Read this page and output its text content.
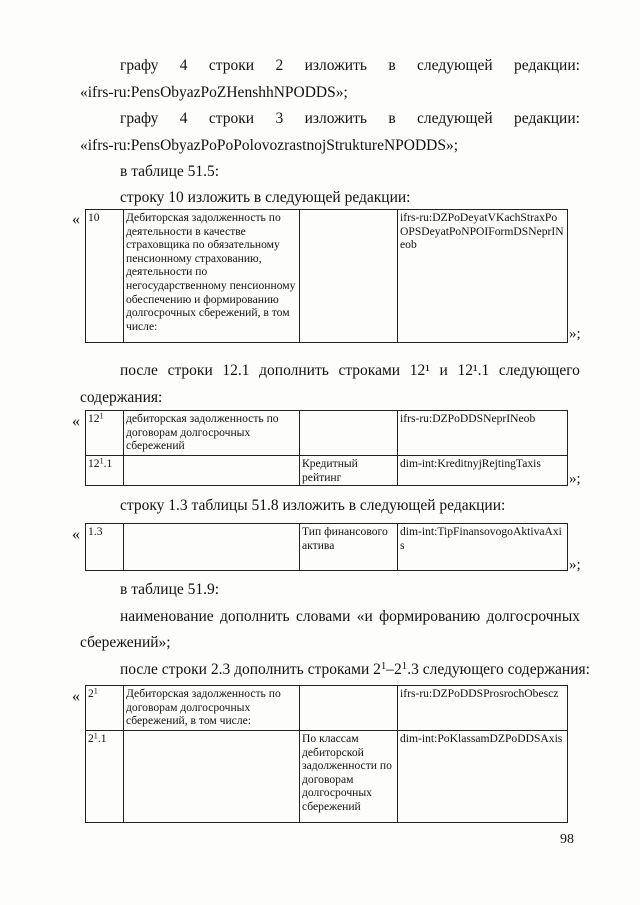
графу 4 строки 2 изложить в следующей редакции:
«ifrs-ru:PensObyazPoZHenshhNPODDS»;
графу 4 строки 3 изложить в следующей редакции:
«ifrs-ru:PensObyazPoPoPolovozrastnojStruktureNPODDS»;
в таблице 51.5:
строку 10 изложить в следующей редакции:
« 10	Дебиторская задолженность по деятельности в качестве страховщика по обязательному пенсионному страхованию, деятельности по негосударственному пенсионному обеспечению и формированию долгосрочных сбережений, в том числе:		ifrs-ru:DZPoDeyatVKachStraxPoOPSDeyatPoNPOIFormDSNeprINeob
»;
после строки 12.1 дополнить строками 12¹ и 12¹.1 следующего
содержания:
« $12^1$	дебиторская задолженность по договорам долгосрочных сбережений		ifrs-ru:DZPoDDSNeprINeob
$12^1.1$		Кредитный рейтинг	dim-int:KreditnyjRejtingTaxis
»;
строку 1.3 таблицы 51.8 изложить в следующей редакции:
« 1.3		Тип финансового актива	dim-int:TipFinansovogoAktivaAxis
»;
в таблице 51.9:
наименование дополнить словами «и формированию долгосрочных
сбережений»;
после строки 2.3 дополнить строками $2^1-2^1.3$ следующего содержания:
« $2^1$	Дебиторская задолженность по договорам долгосрочных сбережений, в том числе:		ifrs-ru:DZPoDDSProsrochObescz
$2^1.1$		По классам дебиторской задолженности по договорам долгосрочных сбережений	dim-int:PoKlassamDZPoDDSAxis
98
